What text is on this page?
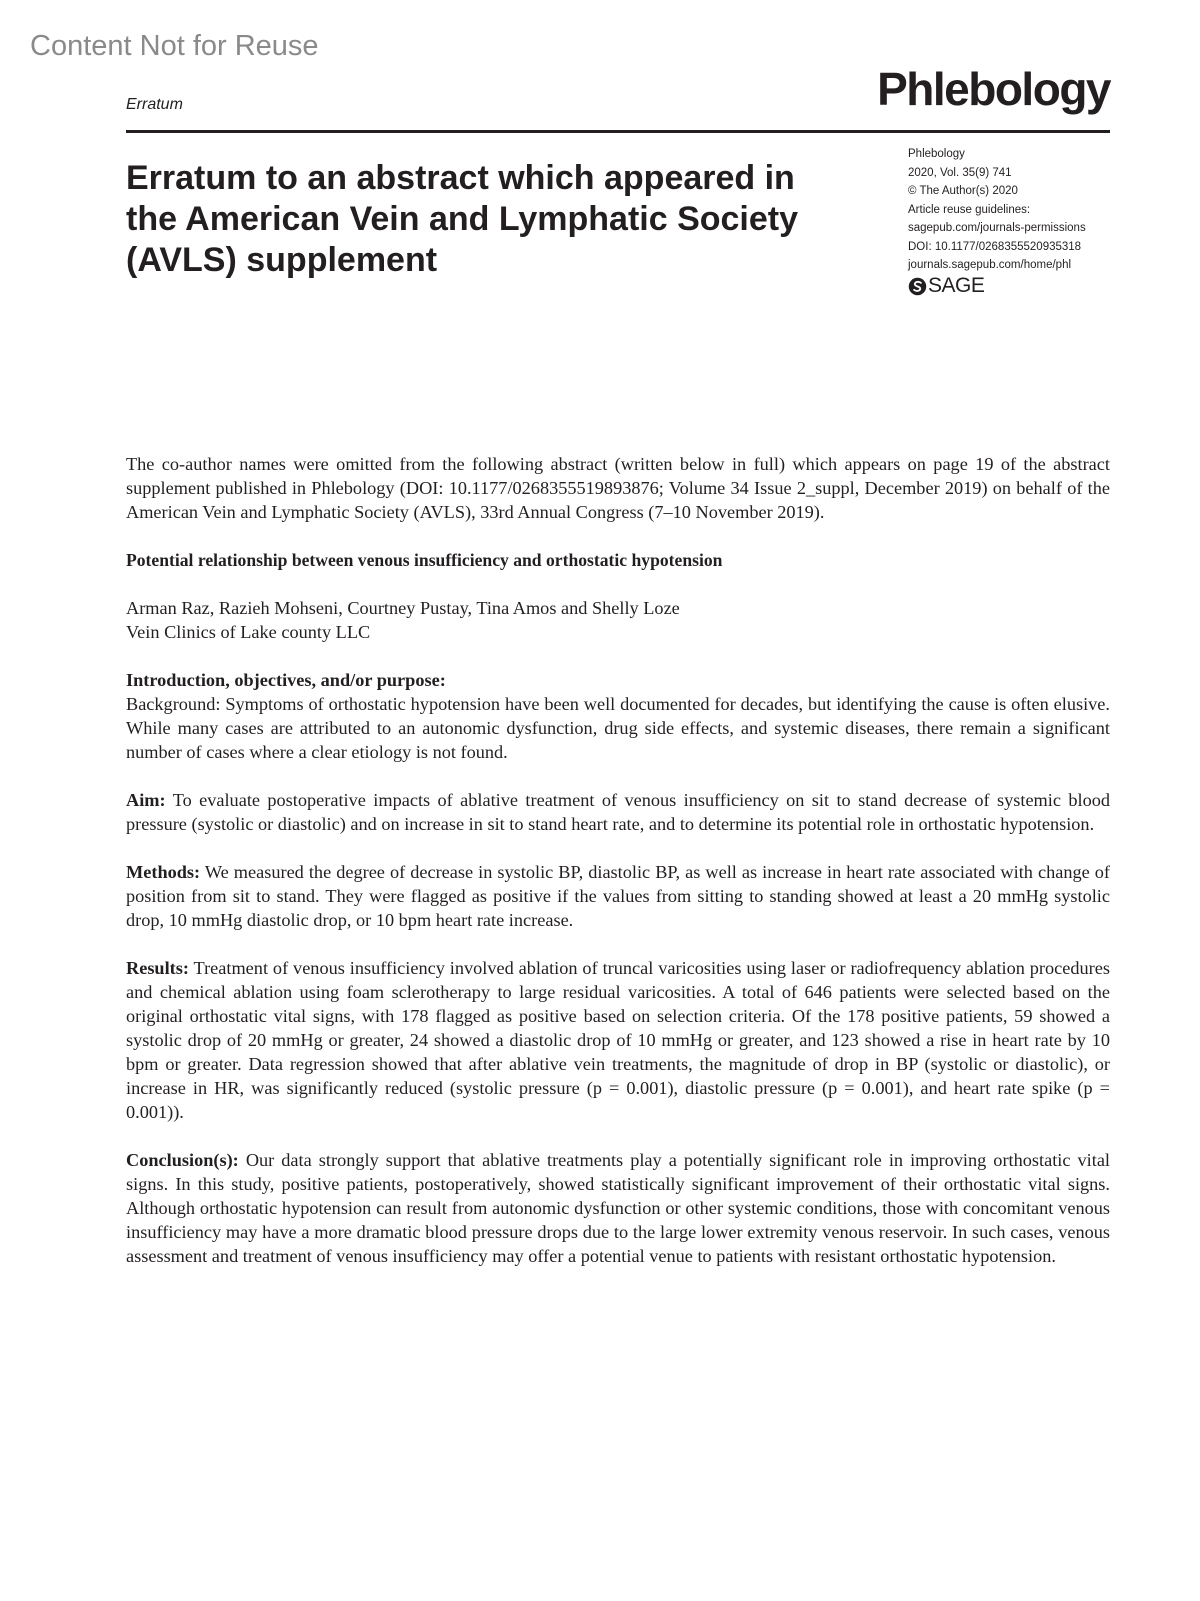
Content Not for Reuse
Erratum	Phlebology
Erratum to an abstract which appeared in the American Vein and Lymphatic Society (AVLS) supplement
Phlebology
2020, Vol. 35(9) 741
© The Author(s) 2020
Article reuse guidelines:
sagepub.com/journals-permissions
DOI: 10.1177/0268355520935318
journals.sagepub.com/home/phl
SAGE

The co-author names were omitted from the following abstract (written below in full) which appears on page 19 of the abstract supplement published in Phlebology (DOI: 10.1177/0268355519893876; Volume 34 Issue 2_suppl, December 2019) on behalf of the American Vein and Lymphatic Society (AVLS), 33rd Annual Congress (7–10 November 2019).

Potential relationship between venous insufficiency and orthostatic hypotension

Arman Raz, Razieh Mohseni, Courtney Pustay, Tina Amos and Shelly Loze

Vein Clinics of Lake county LLC

Introduction, objectives, and/or purpose:

Background: Symptoms of orthostatic hypotension have been well documented for decades, but identifying the cause is often elusive. While many cases are attributed to an autonomic dysfunction, drug side effects, and systemic diseases, there remain a significant number of cases where a clear etiology is not found.

Aim: To evaluate postoperative impacts of ablative treatment of venous insufficiency on sit to stand decrease of systemic blood pressure (systolic or diastolic) and on increase in sit to stand heart rate, and to determine its potential role in orthostatic hypotension.

Methods: We measured the degree of decrease in systolic BP, diastolic BP, as well as increase in heart rate associated with change of position from sit to stand. They were flagged as positive if the values from sitting to standing showed at least a 20 mmHg systolic drop, 10 mmHg diastolic drop, or 10 bpm heart rate increase.

Results: Treatment of venous insufficiency involved ablation of truncal varicosities using laser or radiofrequency ablation procedures and chemical ablation using foam sclerotherapy to large residual varicosities. A total of 646 patients were selected based on the original orthostatic vital signs, with 178 flagged as positive based on selection criteria. Of the 178 positive patients, 59 showed a systolic drop of 20 mmHg or greater, 24 showed a diastolic drop of 10 mmHg or greater, and 123 showed a rise in heart rate by 10 bpm or greater. Data regression showed that after ablative vein treatments, the magnitude of drop in BP (systolic or diastolic), or increase in HR, was significantly reduced (systolic pressure (p = 0.001), diastolic pressure (p = 0.001), and heart rate spike (p = 0.001)).

Conclusion(s): Our data strongly support that ablative treatments play a potentially significant role in improving orthostatic vital signs. In this study, positive patients, postoperatively, showed statistically significant improvement of their orthostatic vital signs. Although orthostatic hypotension can result from autonomic dysfunction or other systemic conditions, those with concomitant venous insufficiency may have a more dramatic blood pressure drops due to the large lower extremity venous reservoir. In such cases, venous assessment and treatment of venous insufficiency may offer a potential venue to patients with resistant orthostatic hypotension.
